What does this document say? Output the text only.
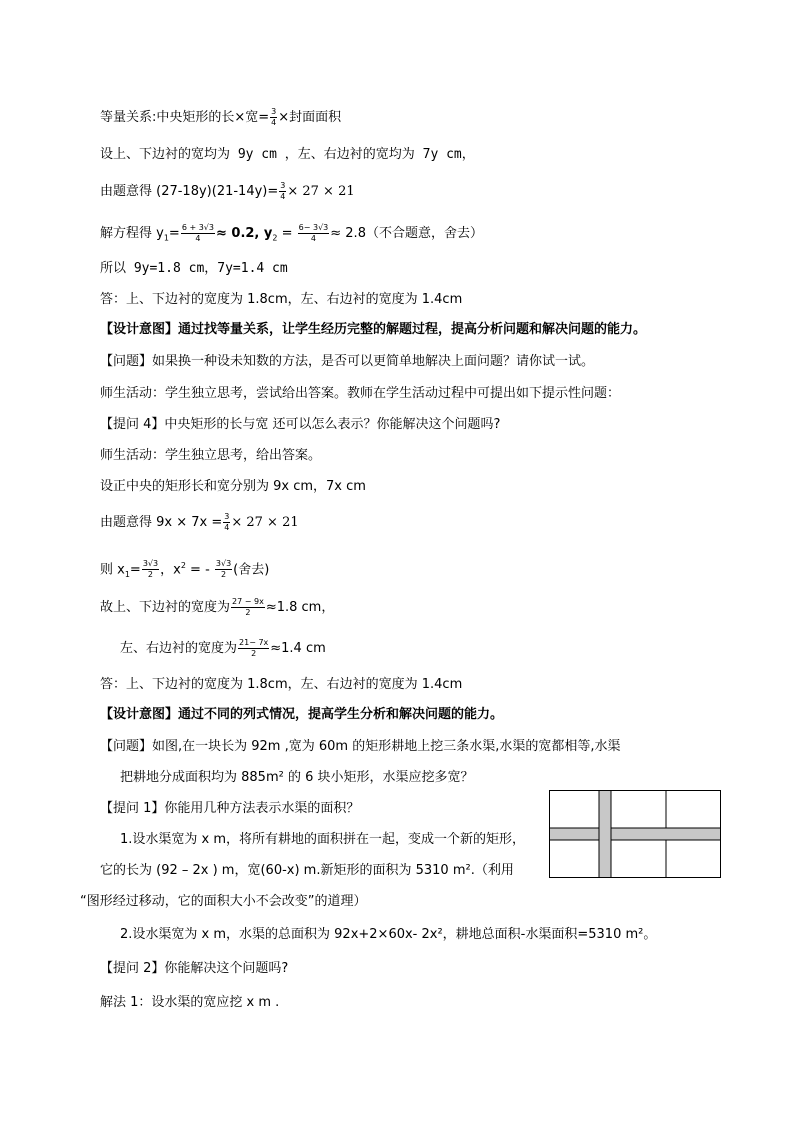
等量关系:中央矩形的长×宽= $\frac{3}{4}$ ×封面面积
设上、下边衬的宽均为 9y cm ，左、右边衬的宽均为 7y cm，
由题意得 $(27-18y)(21-14y)= \frac{3}{4} \times 27 \times 21$
解方程得 $y_1= \frac{6 + 3√3}{4} \approx 0.2$, $y_2 = \frac{6- 3√3}{4} \approx 2.8$（不合题意，舍去）
所以 9y=1.8 cm，7y=1.4 cm
答：上、下边衬的宽度为 1.8cm，左、右边衬的宽度为 1.4cm
【设计意图】通过找等量关系，让学生经历完整的解题过程，提高分析问题和解决问题的能力。
【问题】如果换一种设未知数的方法，是否可以更简单地解决上面问题？请你试一试。
师生活动：学生独立思考，尝试给出答案。教师在学生活动过程中可提出如下提示性问题：
【提问 4】中央矩形的长与宽 还可以怎么表示？你能解决这个问题吗?
师生活动：学生独立思考，给出答案。
设正中央的矩形长和宽分别为 9x cm，7x cm
由题意得 $9x \times 7x = \frac{3}{4} \times 27 \times 21$
则 $x_1= \frac{3√3}{2}$ ，$x^2$ = - $\frac{3√3}{2}$ (舍去)
故上、下边衬的宽度为 $\frac{27 - 9x}{2} \approx 1.8$ cm，
左、右边衬的宽度为 $\frac{21- 7x}{2} \approx 1.4$ cm
答：上、下边衬的宽度为 1.8cm，左、右边衬的宽度为 1.4cm
【设计意图】通过不同的列式情况，提高学生分析和解决问题的能力。
【问题】如图,在一块长为 92m ,宽为 60m 的矩形耕地上挖三条水渠,水渠的宽都相等,水渠
把耕地分成面积均为 885m² 的 6 块小矩形，水渠应挖多宽？
【提问 1】你能用几种方法表示水渠的面积？
1.设水渠宽为 x m，将所有耕地的面积拼在一起，变成一个新的矩形，
它的长为 (92 – 2x ) m，宽(60-x) m.新矩形的面积为 5310 m².（利用
“图形经过移动，它的面积大小不会改变”的道理）
2.设水渠宽为 x m，水渠的总面积为 92x+2×60x- 2x²，耕地总面积-水渠面积=5310 m²。
【提问 2】你能解决这个问题吗?
解法 1：设水渠的宽应挖 x m .
